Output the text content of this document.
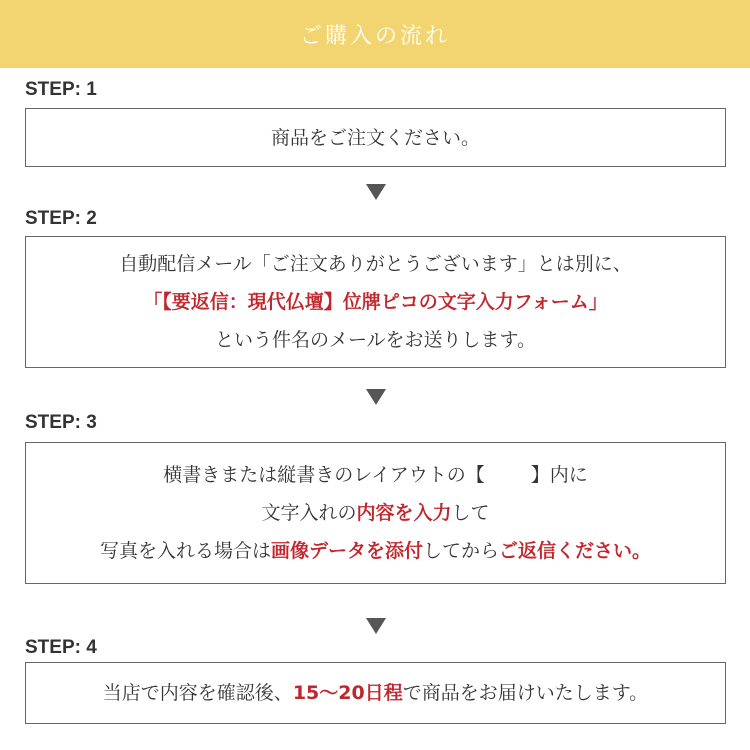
ご購入の流れ
STEP: 1
商品をご注文ください。
STEP: 2
自動配信メール「ご注文ありがとうございます」とは別に、
「【要返信：現代仏壇】位牌ピコの文字入力フォーム」
という件名のメールをお送りします。
STEP: 3
横書きまたは縦書きのレイアウトの【 】内に
文字入れの内容を入力して
写真を入れる場合は画像データを添付してからご返信ください。
STEP: 4
当店で内容を確認後、15〜20日程で商品をお届けいたします。
